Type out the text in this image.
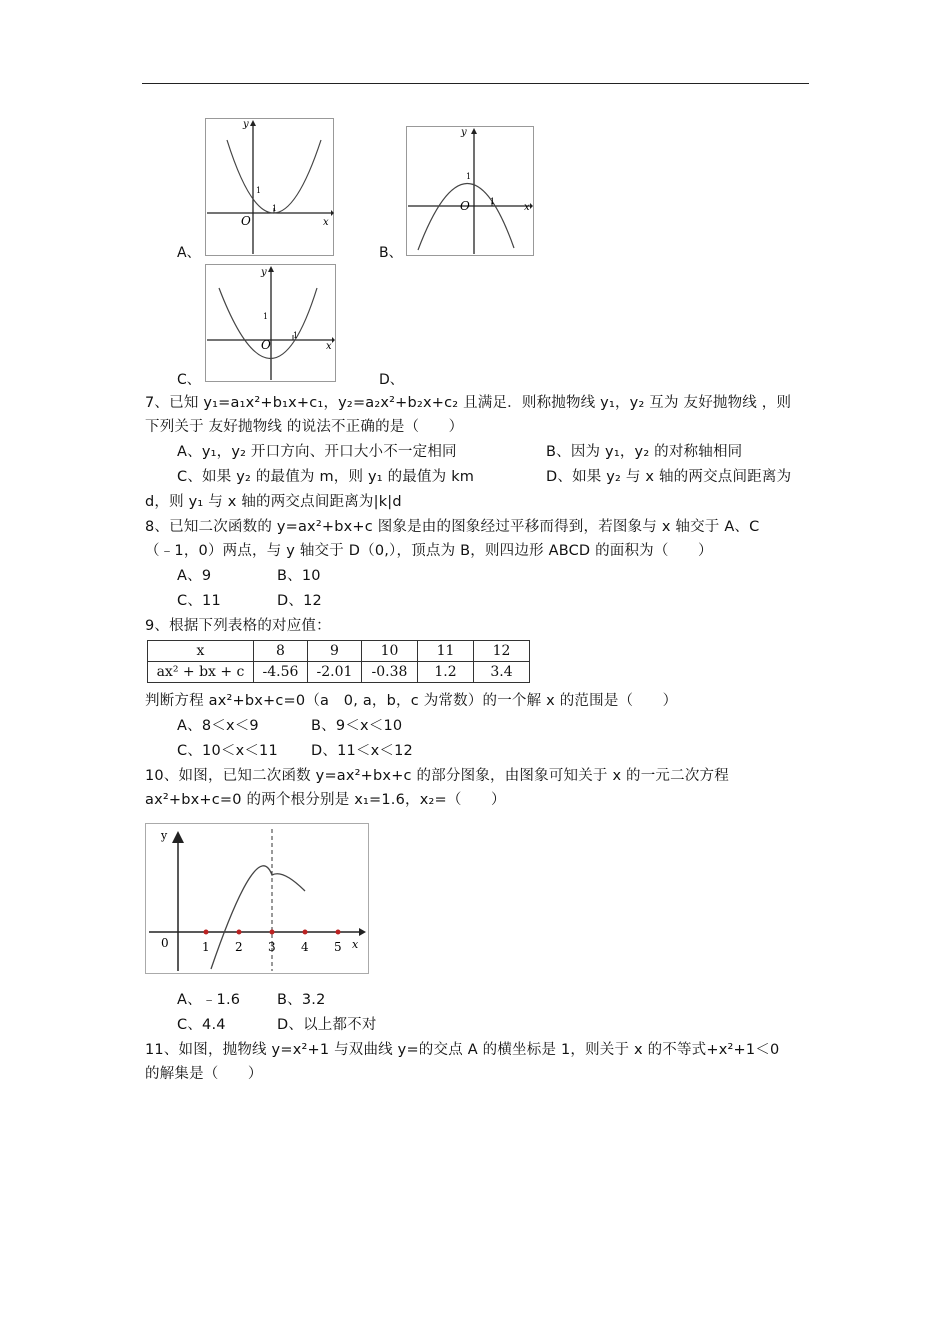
y
1
O
1
x
A、
y
1
O	1
x
B、
y
1
O
1
x
C、	D、
7、已知 y₁=a₁x²+b₁x+c₁，y₂=a₂x²+b₂x+c₂ 且满足．则称抛物线 y₁，y₂ 互为 友好抛物线 ，则
下列关于 友好抛物线 的说法不正确的是（　　）
A、y₁，y₂ 开口方向、开口大小不一定相同	B、因为 y₁，y₂ 的对称轴相同
C、如果 y₂ 的最值为 m，则 y₁ 的最值为 km	D、如果 y₂ 与 x 轴的两交点间距离为
d，则 y₁ 与 x 轴的两交点间距离为|k|d
8、已知二次函数的 y=ax²+bx+c 图象是由的图象经过平移而得到，若图象与 x 轴交于 A、C
（﹣1，0）两点，与 y 轴交于 D（0,），顶点为 B，则四边形 ABCD 的面积为（　　）
A、9	B、10
C、11	D、12
9、根据下列表格的对应值：
x	8	9	10	11	12
ax² + bx + c	-4.56	-2.01	-0.38	1.2	3.4
判断方程 ax²+bx+c=0（a　0, a，b，c 为常数）的一个解 x 的范围是（　　）
A、8＜x＜9	B、9＜x＜10
C、10＜x＜11 D、11＜x＜12
10、如图，已知二次函数 y=ax²+bx+c 的部分图象，由图象可知关于 x 的一元二次方程
ax²+bx+c=0 的两个根分别是 x₁=1.6，x₂=（　　）
y
0	1 2 3 4 5 x
A、﹣1.6	B、3.2
C、4.4	D、以上都不对
11、如图，抛物线 y=x²+1 与双曲线 y=的交点 A 的横坐标是 1，则关于 x 的不等式+x²+1＜0
的解集是（　　）
